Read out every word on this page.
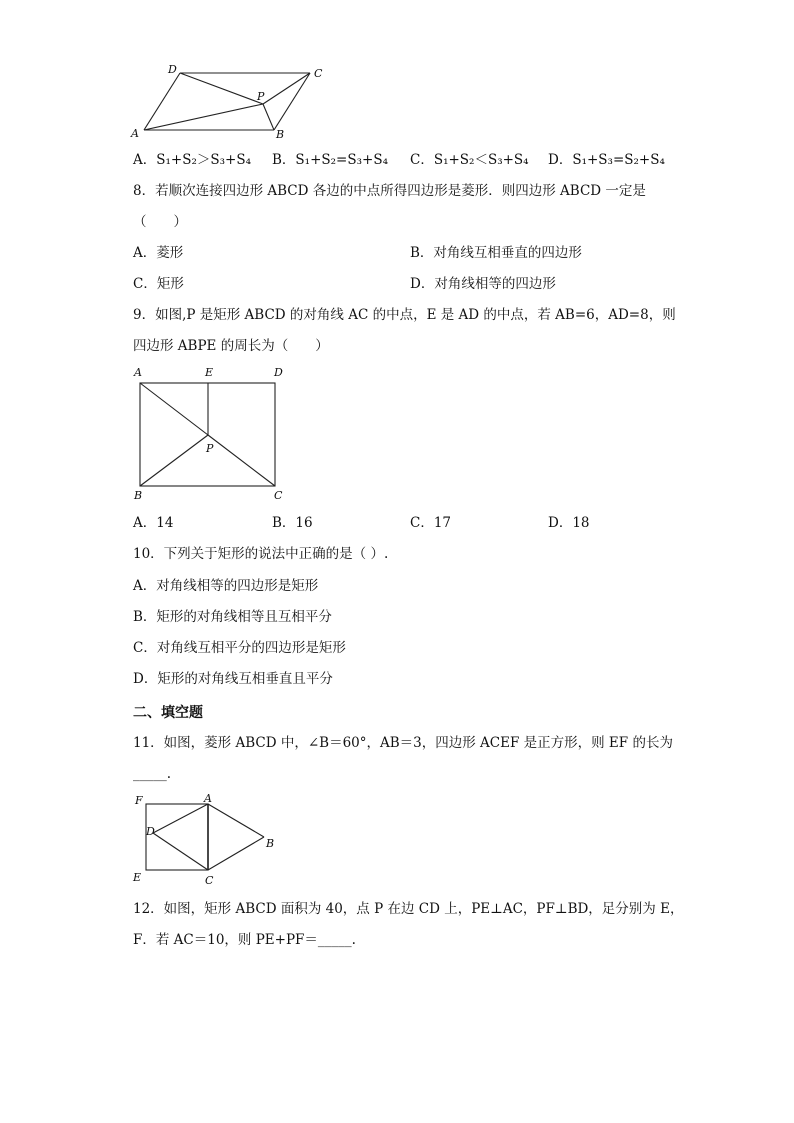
A
D	C
B
P
A．S₁+S₂＞S₃+S₄ B．S₁+S₂=S₃+S₄ C．S₁+S₂＜S₃+S₄ D．S₁+S₃=S₂+S₄
8．若顺次连接四边形 ABCD 各边的中点所得四边形是菱形．则四边形 ABCD 一定是
（　　）
A．菱形	B．对角线互相垂直的四边形
C．矩形	D．对角线相等的四边形
9．如图,P 是矩形 ABCD 的对角线 AC 的中点，E 是 AD 的中点，若 AB=6，AD=8，则
四边形 ABPE 的周长为（　　）
A	E	D
P
B	C
A．14	B．16	C．17	D．18
10．下列关于矩形的说法中正确的是（ ）.
A．对角线相等的四边形是矩形
B．矩形的对角线相等且互相平分
C．对角线互相平分的四边形是矩形
D．矩形的对角线互相垂直且平分
二、填空题
11．如图，菱形 ABCD 中，∠B＝60°，AB＝3，四边形 ACEF 是正方形，则 EF 的长为
_____.
F	A
D
B
E	C
12．如图，矩形 ABCD 面积为 40，点 P 在边 CD 上，PE⊥AC，PF⊥BD，足分别为 E，
F．若 AC＝10，则 PE+PF＝_____.
